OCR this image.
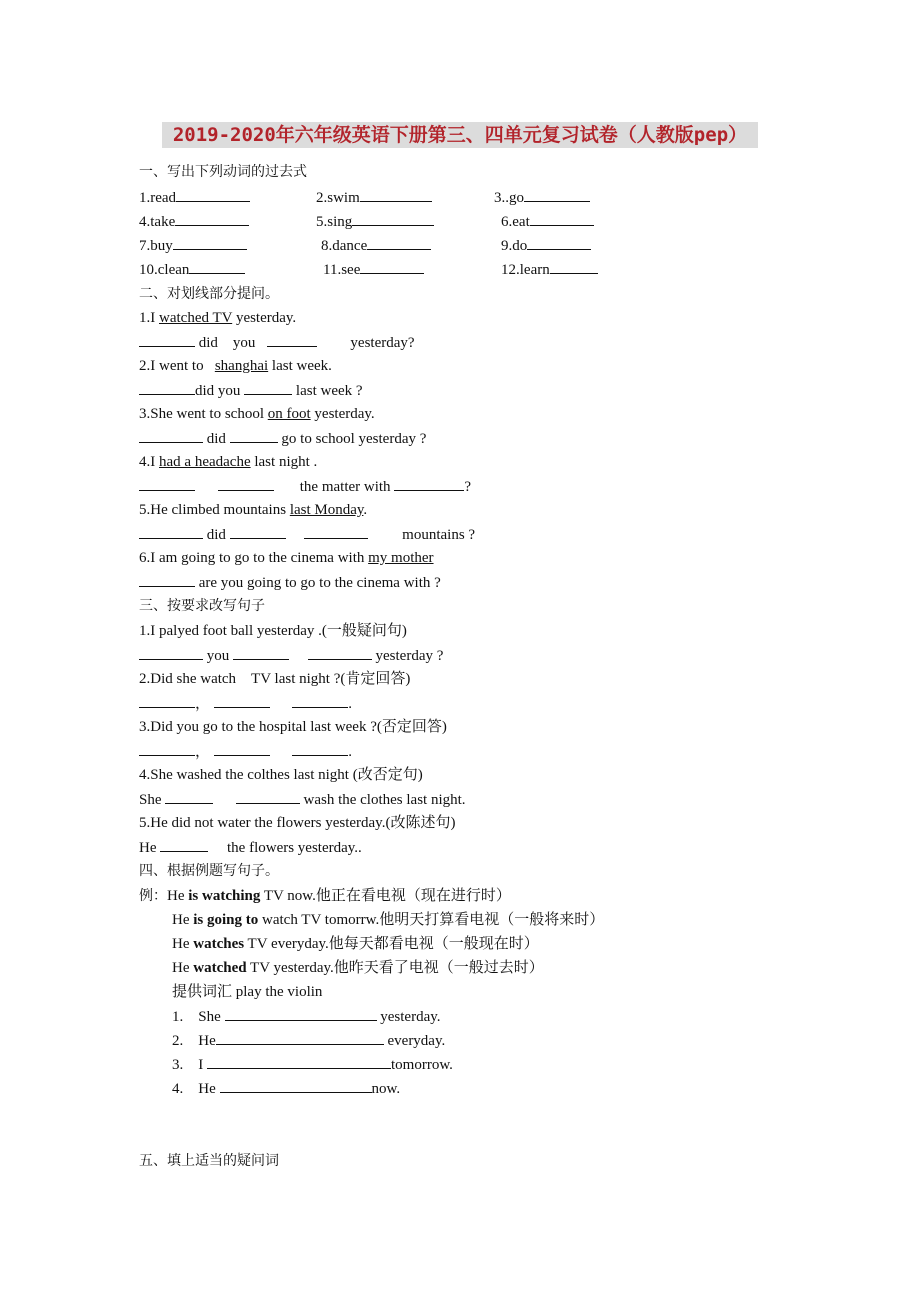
2019-2020年六年级英语下册第三、四单元复习试卷（人教版pep）
一、写出下列动词的过去式
1.read	2.swim	3..go
4.take	5.sing	6.eat
7.buy	8.dance	9.do
10.clean	11.see	12.learn
二、对划线部分提问。
1.I watched TV yesterday.
did you	yesterday?
2.I went to   shanghai last week.
did you	last week ?
3.She went to school on foot yesterday.
did	go to school yesterday ?
4.I had a headache last night .
the matter with	?
5.He climbed mountains last Monday.
did	mountains ?
6.I am going to go to the cinema with my mother
are you going to go to the cinema with ?
三、按要求改写句子
1.I palyed foot ball yesterday .(一般疑问句)
you	yesterday ?
2.Did she watch　TV last night ?(肯定回答)
，	.
3.Did you go to the hospital last week ?(否定回答)
，	.
4.She washed the colthes last night (改否定句)
She	wash the clothes last night.
5.He did not water the flowers yesterday.(改陈述句)
He	the flowers yesterday..
四、根据例题写句子。
例：He is watching TV now.他正在看电视（现在进行时）
He is going to watch TV tomorrw.他明天打算看电视（一般将来时）
He watches TV everyday.他每天都看电视（一般现在时）
He watched TV yesterday.他昨天看了电视（一般过去时）
提供词汇 play the violin
1. She	yesterday.
2. He	everyday.
3. I	tomorrow.
4. He	now.
五、填上适当的疑问词
